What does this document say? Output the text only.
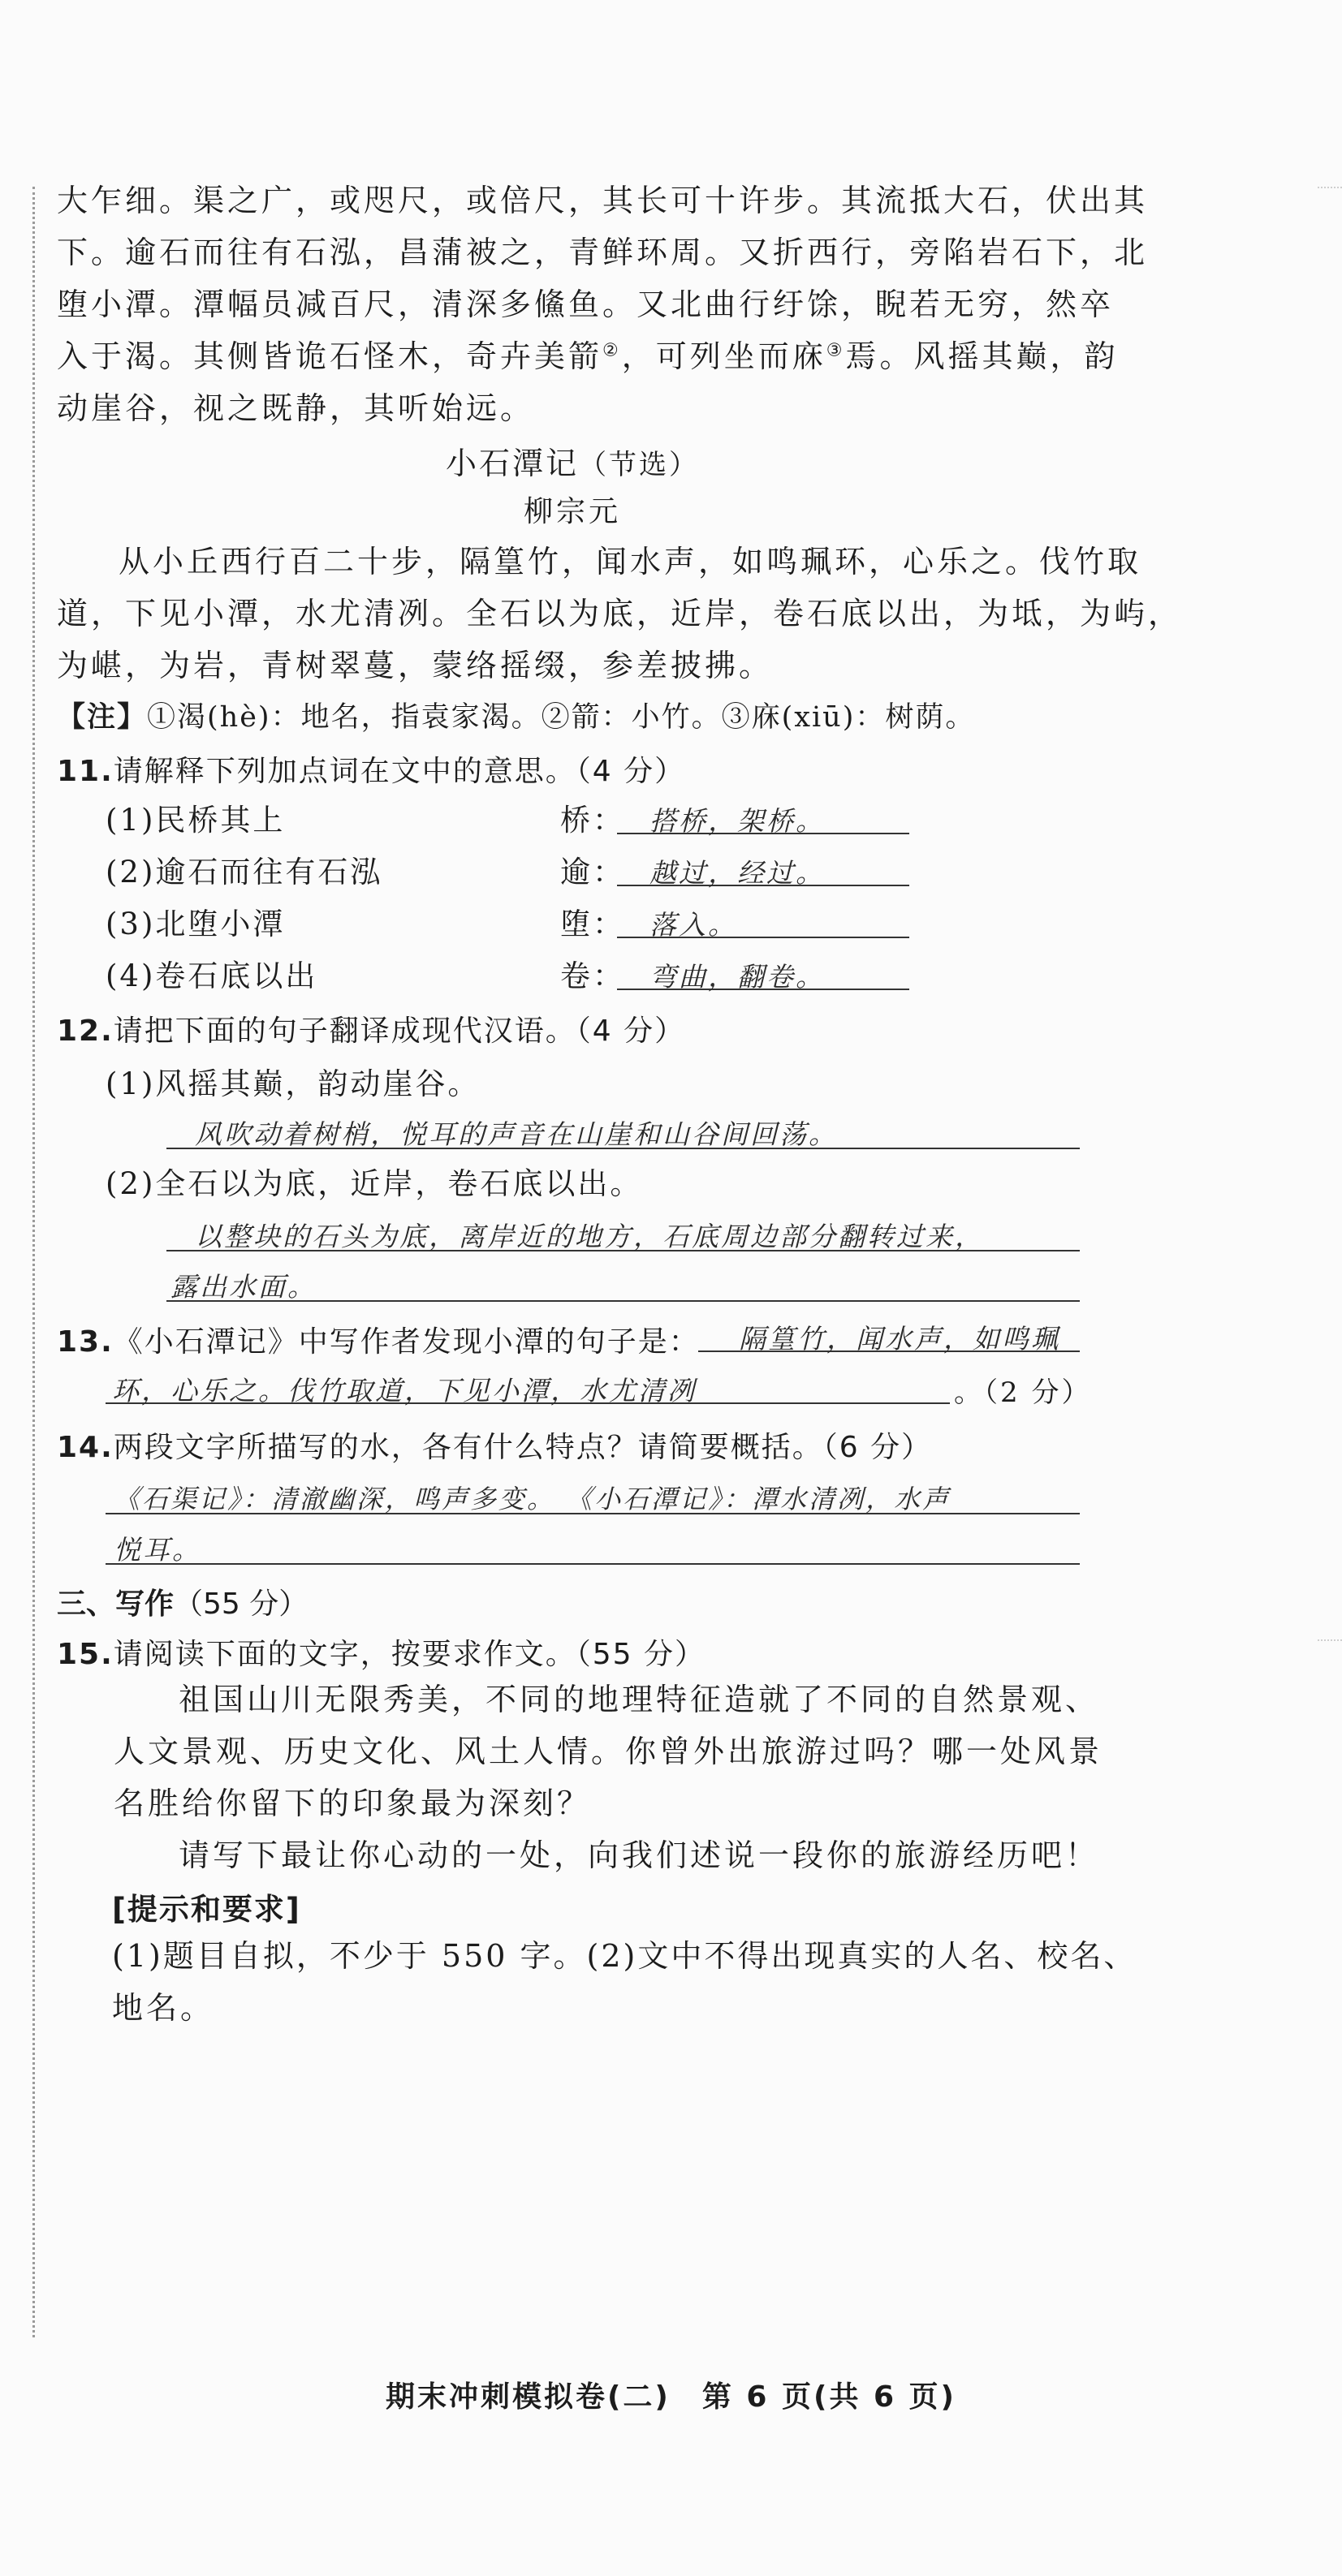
大乍细。渠之广，或咫尺，或倍尺，其长可十许步。其流抵大石，伏出其

下。逾石而往有石泓，昌蒲被之，青鲜环周。又折西行，旁陷岩石下，北

堕小潭。潭幅员减百尺，清深多鯈鱼。又北曲行纡馀，睨若无穷，然卒

入于渴。其侧皆诡石怪木，奇卉美箭②，可列坐而庥③焉。风摇其巅，韵

动崖谷，视之既静，其听始远。

小石潭记（节选）
柳宗元

从小丘西行百二十步，隔篁竹，闻水声，如鸣珮环，心乐之。伐竹取

道，下见小潭，水尤清冽。全石以为底，近岸，卷石底以出，为坻，为屿，

为嵁，为岩，青树翠蔓，蒙络摇缀，参差披拂。

【注】①渴(hè)：地名，指袁家渴。②箭：小竹。③庥(xiū)：树荫。

11.请解释下列加点词在文中的意思。（4 分）
(1)民桥其上	桥： 搭桥，架桥。
(2)逾石而往有石泓	逾： 越过，经过。
(3)北堕小潭	堕： 落入。
(4)卷石底以出	卷： 弯曲，翻卷。
12.请把下面的句子翻译成现代汉语。（4 分）
(1)风摇其巅，韵动崖谷。
风吹动着树梢，悦耳的声音在山崖和山谷间回荡。
(2)全石以为底，近岸，卷石底以出。
以整块的石头为底，离岸近的地方，石底周边部分翻转过来，
露出水面。
13.《小石潭记》中写作者发现小潭的句子是：	隔篁竹，闻水声，如鸣珮
环，心乐之。伐竹取道，下见小潭，水尤清冽	。（2 分）
14.两段文字所描写的水，各有什么特点？请简要概括。（6 分）
《石渠记》：清澈幽深，鸣声多变。 《小石潭记》：潭水清冽，水声
悦耳。
三、写作（55 分）
15.请阅读下面的文字，按要求作文。（55 分）

祖国山川无限秀美，不同的地理特征造就了不同的自然景观、

人文景观、历史文化、风土人情。你曾外出旅游过吗？哪一处风景

名胜给你留下的印象最为深刻？

请写下最让你心动的一处，向我们述说一段你的旅游经历吧！

[提示和要求]

(1)题目自拟，不少于 550 字。(2)文中不得出现真实的人名、校名、

地名。

期末冲刺模拟卷(二)　第 6 页(共 6 页)
